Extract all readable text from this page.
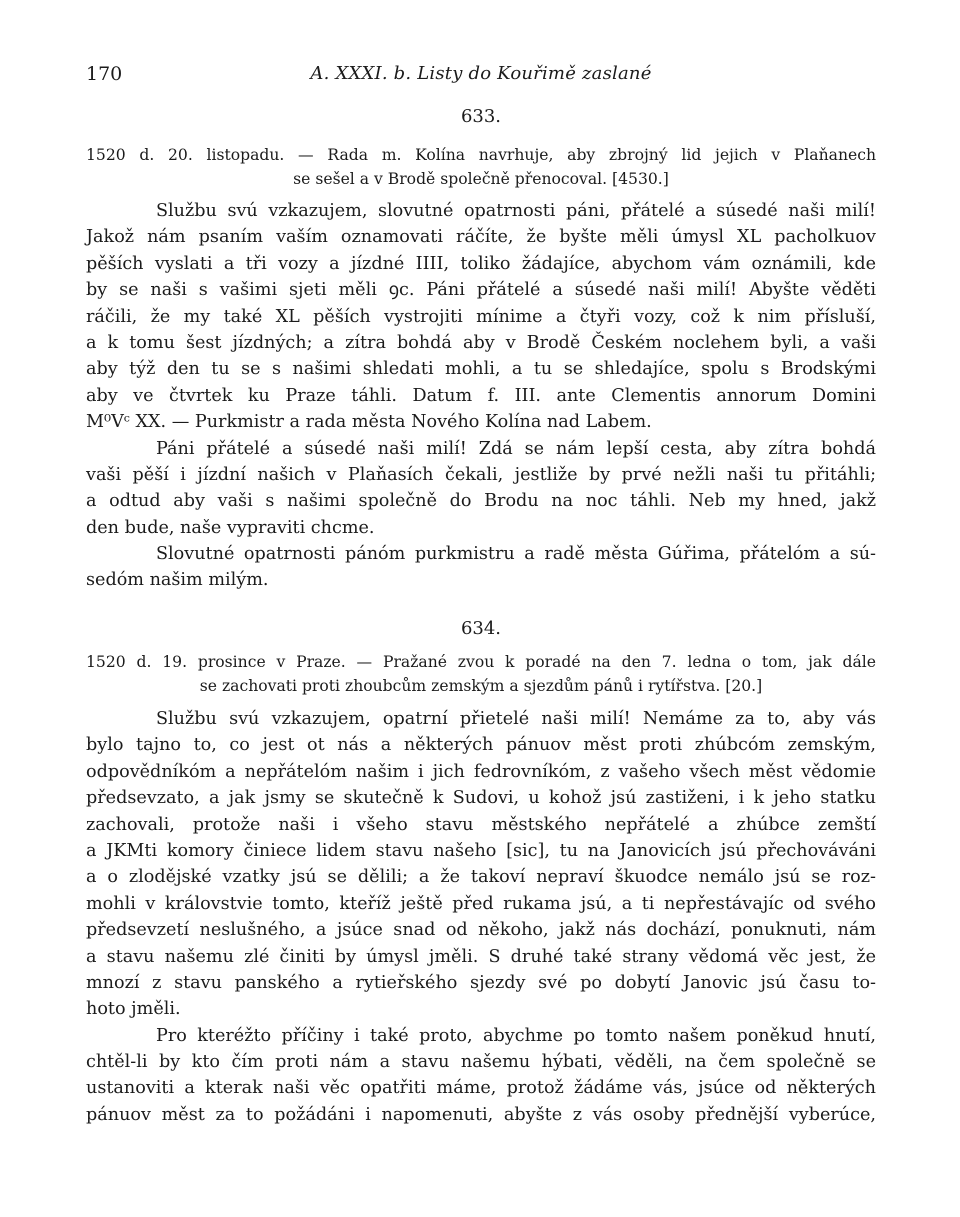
170	A. XXXI. b. Listy do Kouřimě zaslané
633.
1520 d. 20. listopadu. — Rada m. Kolína navrhuje, aby zbrojný lid jejich v Plaňanech
se sešel a v Brodě společně přenocoval. [4530.]
Službu svú vzkazujem, slovutné opatrnosti páni, přátelé a súsedé naši milí!
Jakož nám psaním vaším oznamovati ráčíte, že byšte měli úmysl XL pacholkuov
pěších vyslati a tři vozy a jízdné IIII, toliko žádajíce, abychom vám oznámili, kde
by se naši s vašimi sjeti měli ꝯc. Páni přátelé a súsedé naši milí! Abyšte věděti
ráčili, že my také XL pěších vystrojiti mínime a čtyři vozy, což k nim přísluší,
a k tomu šest jízdných; a zítra bohdá aby v Brodě Českém noclehem byli, a vaši
aby týž den tu se s našimi shledati mohli, a tu se shledajíce, spolu s Brodskými
aby ve čtvrtek ku Praze táhli. Datum f. III. ante Clementis annorum Domini
M⁰Vᶜ XX. — Purkmistr a rada města Nového Kolína nad Labem.
Páni přátelé a súsedé naši milí! Zdá se nám lepší cesta, aby zítra bohdá
vaši pěší i jízdní našich v Plaňasích čekali, jestliže by prvé nežli naši tu přitáhli;
a odtud aby vaši s našimi společně do Brodu na noc táhli. Neb my hned, jakž
den bude, naše vypraviti chcme.
Slovutné opatrnosti pánóm purkmistru a radě města Gúřima, přátelóm a sú-
sedóm našim milým.
634.
1520 d. 19. prosince v Praze. — Pražané zvou k poradé na den 7. ledna o tom, jak dále
se zachovati proti zhoubcům zemským a sjezdům pánů i rytířstva. [20.]
Službu svú vzkazujem, opatrní přietelé naši milí! Nemáme za to, aby vás
bylo tajno to, co jest ot nás a některých pánuov měst proti zhúbcóm zemským,
odpovědníkóm a nepřátelóm našim i jich fedrovníkóm, z vašeho všech měst vědomie
předsevzato, a jak jsmy se skutečně k Sudovi, u kohož jsú zastiženi, i k jeho statku
zachovali, protože naši i všeho stavu městského nepřátelé a zhúbce zemští
a JKMti komory činiece lidem stavu našeho [sic], tu na Janovicích jsú přechováváni
a o zlodějské vzatky jsú se dělili; a že takoví nepraví škuodce nemálo jsú se roz-
mohli v královstvie tomto, kteříž ještě před rukama jsú, a ti nepřestávajíc od svého
předsevzetí neslušného, a jsúce snad od někoho, jakž nás dochází, ponuknuti, nám
a stavu našemu zlé činiti by úmysl jměli. S druhé také strany vědomá věc jest, že
mnozí z stavu panského a rytieřského sjezdy své po dobytí Janovic jsú času to-
hoto jměli.
Pro kteréžto příčiny i také proto, abychme po tomto našem poněkud hnutí,
chtěl-li by kto čím proti nám a stavu našemu hýbati, věděli, na čem společně se
ustanoviti a kterak naši věc opatřiti máme, protož žádáme vás, jsúce od některých
pánuov měst za to požádáni i napomenuti, abyšte z vás osoby přednější vyberúce,
